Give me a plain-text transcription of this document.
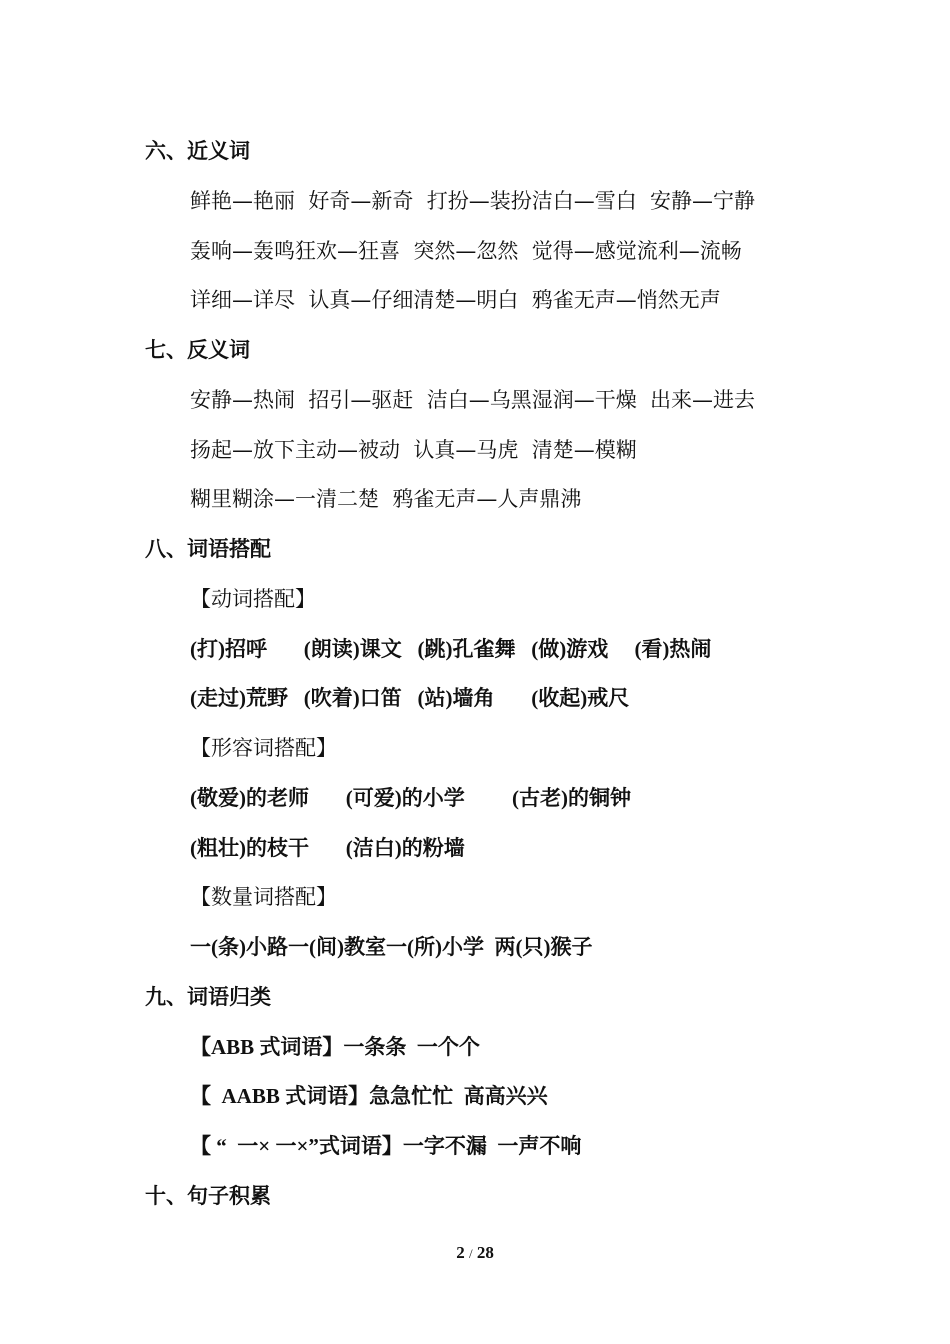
六、近义词
鲜艳—艳丽  好奇—新奇  打扮—装扮洁白—雪白  安静—宁静
轰响—轰鸣狂欢—狂喜  突然—忽然  觉得—感觉流利—流畅
详细—详尽  认真—仔细清楚—明白  鸦雀无声—悄然无声
七、反义词
安静—热闹  招引—驱赶  洁白—乌黑湿润—干燥  出来—进去
扬起—放下主动—被动  认真—马虎  清楚—模糊
糊里糊涂—一清二楚  鸦雀无声—人声鼎沸
八、词语搭配
【动词搭配】
(打)招呼       (朗读)课文   (跳)孔雀舞   (做)游戏     (看)热闹
(走过)荒野   (吹着)口笛   (站)墙角       (收起)戒尺
【形容词搭配】
(敬爱)的老师       (可爱)的小学         (古老)的铜钟
(粗壮)的枝干       (洁白)的粉墙
【数量词搭配】
一(条)小路一(间)教室一(所)小学  两(只)猴子
九、词语归类
【ABB 式词语】一条条  一个个
【  AABB 式词语】急急忙忙  高高兴兴
【 “  一× 一×”式词语】一字不漏  一声不响
十、句子积累
2 / 28
